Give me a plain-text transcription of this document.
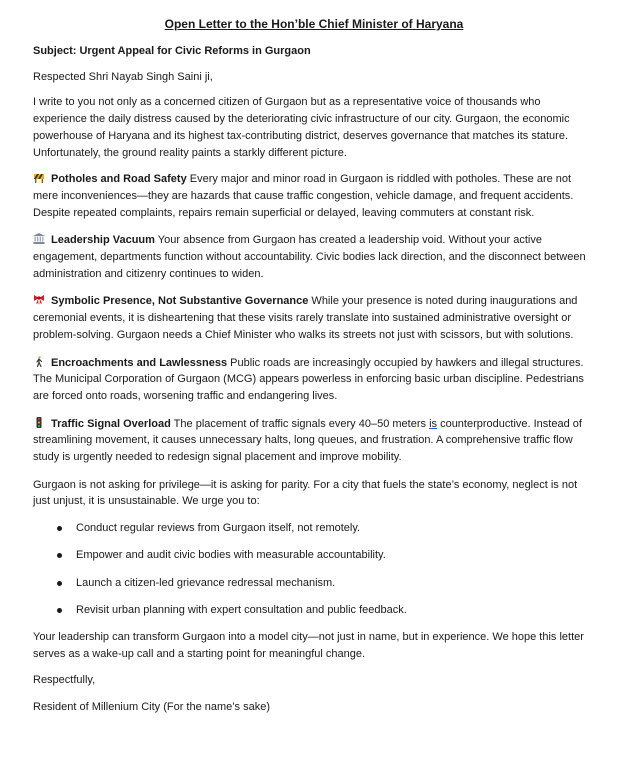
Open Letter to the Hon’ble Chief Minister of Haryana

Subject: Urgent Appeal for Civic Reforms in Gurgaon

Respected Shri Nayab Singh Saini ji,

I write to you not only as a concerned citizen of Gurgaon but as a representative voice of thousands who experience the daily distress caused by the deteriorating civic infrastructure of our city. Gurgaon, the economic powerhouse of Haryana and its highest tax-contributing district, deserves governance that matches its stature. Unfortunately, the ground reality paints a starkly different picture.

Potholes and Road Safety Every major and minor road in Gurgaon is riddled with potholes. These are not mere inconveniences—they are hazards that cause traffic congestion, vehicle damage, and frequent accidents. Despite repeated complaints, repairs remain superficial or delayed, leaving commuters at constant risk.

Leadership Vacuum Your absence from Gurgaon has created a leadership void. Without your active engagement, departments function without accountability. Civic bodies lack direction, and the disconnect between administration and citizenry continues to widen.

Symbolic Presence, Not Substantive Governance While your presence is noted during inaugurations and ceremonial events, it is disheartening that these visits rarely translate into sustained administrative oversight or problem-solving. Gurgaon needs a Chief Minister who walks its streets not just with scissors, but with solutions.

Encroachments and Lawlessness Public roads are increasingly occupied by hawkers and illegal structures. The Municipal Corporation of Gurgaon (MCG) appears powerless in enforcing basic urban discipline. Pedestrians are forced onto roads, worsening traffic and endangering lives.

Traffic Signal Overload The placement of traffic signals every 40–50 meters is counterproductive. Instead of streamlining movement, it causes unnecessary halts, long queues, and frustration. A comprehensive traffic flow study is urgently needed to redesign signal placement and improve mobility.

Gurgaon is not asking for privilege—it is asking for parity. For a city that fuels the state’s economy, neglect is not just unjust, it is unsustainable. We urge you to:

Conduct regular reviews from Gurgaon itself, not remotely.
Empower and audit civic bodies with measurable accountability.
Launch a citizen-led grievance redressal mechanism.
Revisit urban planning with expert consultation and public feedback.

Your leadership can transform Gurgaon into a model city—not just in name, but in experience. We hope this letter serves as a wake-up call and a starting point for meaningful change.

Respectfully,

Resident of Millenium City (For the name’s sake)
